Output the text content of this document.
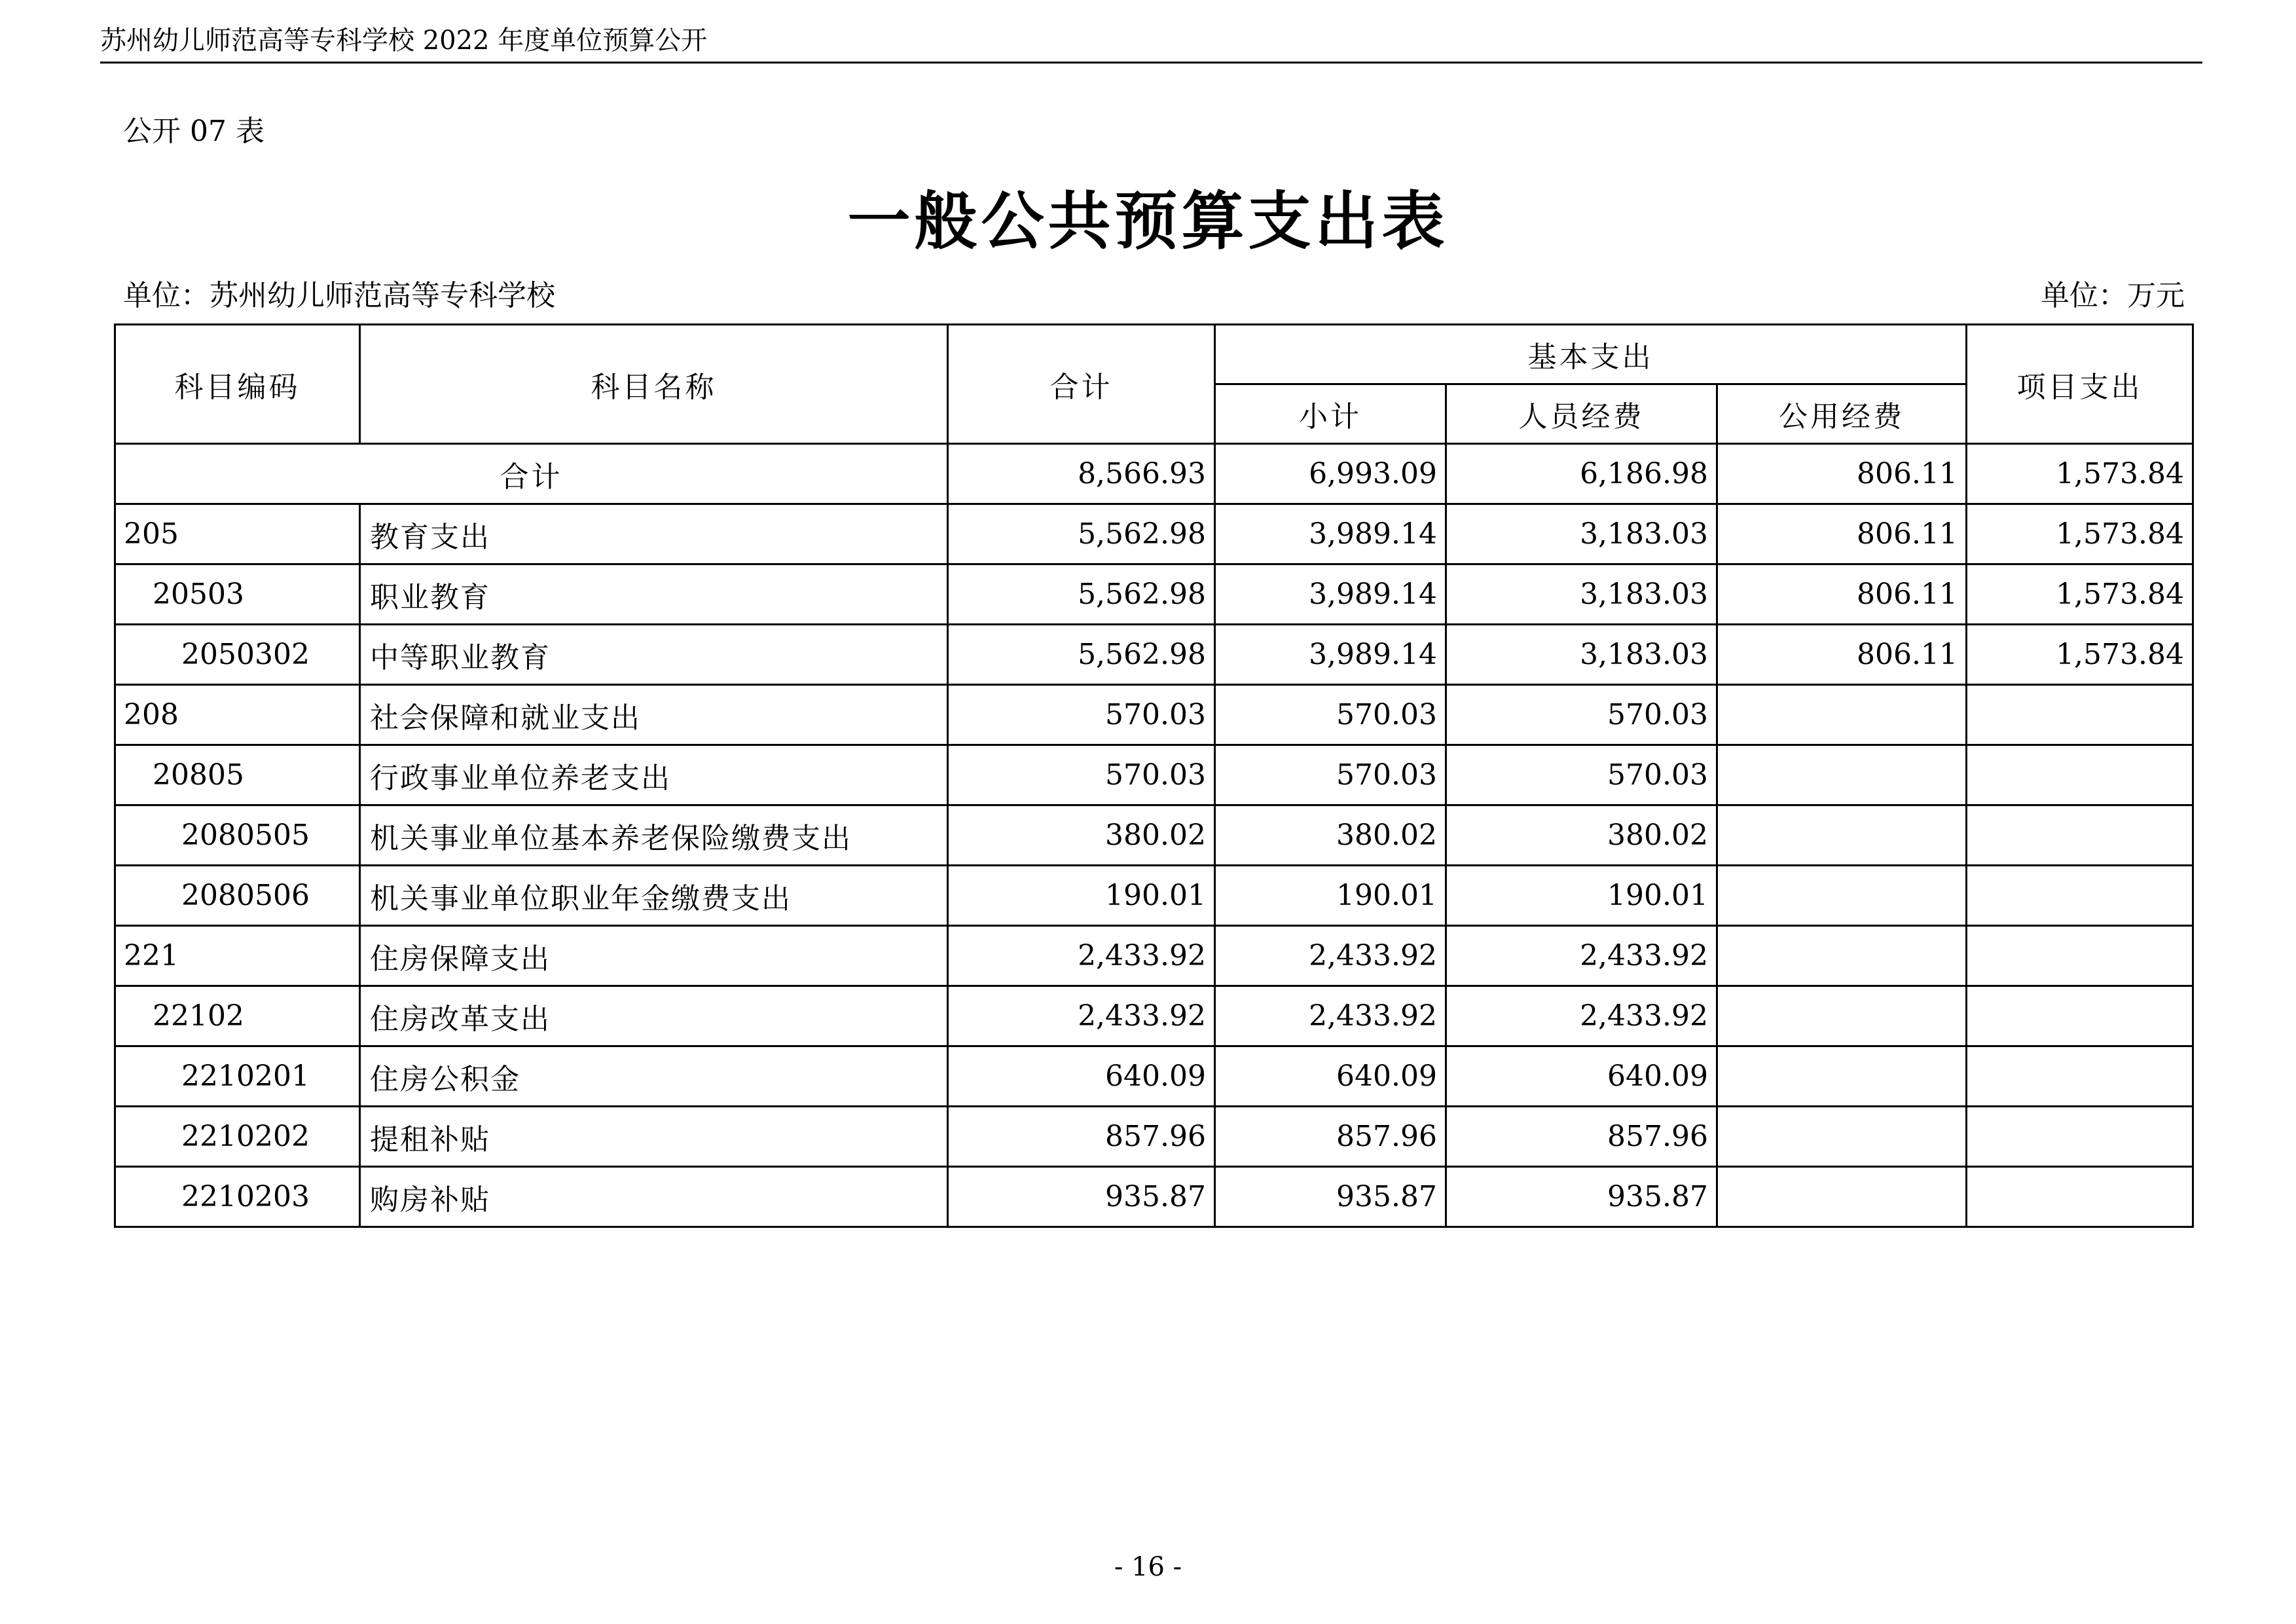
苏州幼儿师范高等专科学校 2022 年度单位预算公开
公开 07 表
一般公共预算支出表
单位：苏州幼儿师范高等专科学校	单位：万元
科目编码	科目名称	合计	基本支出			项目支出
			小计	人员经费	公用经费	
合计		8,566.93	6,993.09	6,186.98	806.11	1,573.84
205	教育支出	5,562.98	3,989.14	3,183.03	806.11	1,573.84
20503	职业教育	5,562.98	3,989.14	3,183.03	806.11	1,573.84
2050302	中等职业教育	5,562.98	3,989.14	3,183.03	806.11	1,573.84
208	社会保障和就业支出	570.03	570.03	570.03		
20805	行政事业单位养老支出	570.03	570.03	570.03		
2080505	机关事业单位基本养老保险缴费支出	380.02	380.02	380.02		
2080506	机关事业单位职业年金缴费支出	190.01	190.01	190.01		
221	住房保障支出	2,433.92	2,433.92	2,433.92		
22102	住房改革支出	2,433.92	2,433.92	2,433.92		
2210201	住房公积金	640.09	640.09	640.09		
2210202	提租补贴	857.96	857.96	857.96		
2210203	购房补贴	935.87	935.87	935.87		
- 16 -
